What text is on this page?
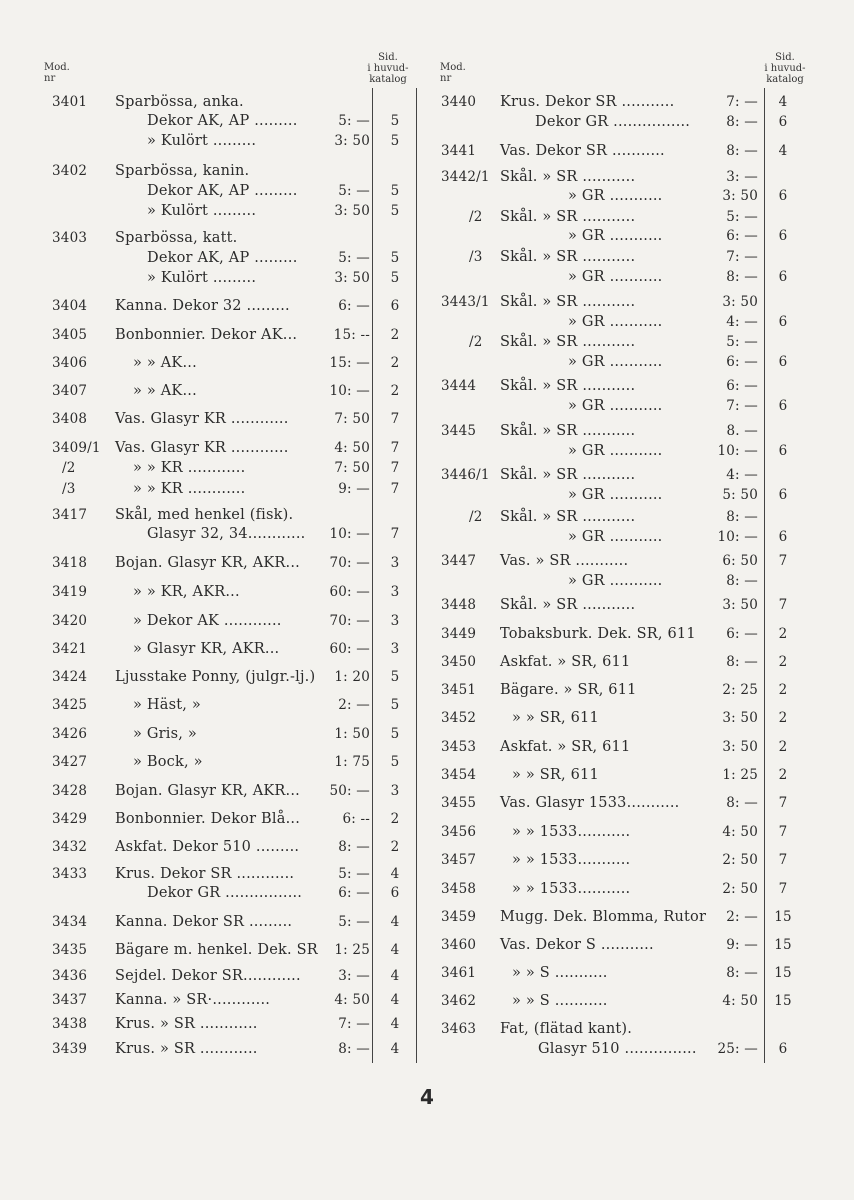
Mod.
nr
Sid.
i huvud-
katalog
Mod.
nr
Sid.
i huvud-
katalog
3401 Sparbössa, anka.
Dekor AK, AP .........	5: —	5
» Kulört .........	3: 50	5
3402 Sparbössa, kanin.
Dekor AK, AP .........	5: —	5
» Kulört .........	3: 50	5
3403 Sparbössa, katt.
Dekor AK, AP .........	5: —	5
» Kulört .........	3: 50	5
3404 Kanna. Dekor 32 .........	6: —	6
3405 Bonbonnier. Dekor AK...	15: --	2
3406	» » AK...	15: —	2
3407	» » AK...	10: —	2
3408 Vas. Glasyr KR ............	7: 50	7
3409/1 Vas. Glasyr KR ............	4: 50	7
/2	» » KR ............	7: 50	7
/3	» » KR ............	9: —	7
3417 Skål, med henkel (fisk).
Glasyr 32, 34............	10: —	7
3418 Bojan. Glasyr KR, AKR...	70: —	3
3419	» » KR, AKR...	60: —	3
3420	» Dekor AK ............	70: —	3
3421	» Glasyr KR, AKR...	60: —	3
3424 Ljusstake Ponny, (julgr.-lj.)	1: 20	5
3425	» Häst, »	2: —	5
3426	» Gris, »	1: 50	5
3427	» Bock, »	1: 75	5
3428 Bojan. Glasyr KR, AKR...	50: —	3
3429 Bonbonnier. Dekor Blå...	6: --	2
3432 Askfat. Dekor 510 .........	8: —	2
3433 Krus. Dekor SR ............	5: —	4
Dekor GR ................	6: —	6
3434 Kanna. Dekor SR .........	5: —	4
3435 Bägare m. henkel. Dek. SR	1: 25	4
3436 Sejdel. Dekor SR............	3: —	4
3437 Kanna. » SR·............	4: 50	4
3438 Krus. » SR ............	7: —	4
3439 Krus. » SR ............	8: —	4
3440 Krus. Dekor SR ...........	7: —	4
Dekor GR ................	8: —	6
3441 Vas. Dekor SR ...........	8: —	4
3442/1 Skål. » SR ...........	3: —
» GR ...........	3: 50	6
/2 Skål. » SR ...........	5: —
» GR ...........	6: —	6
/3 Skål. » SR ...........	7: —
» GR ...........	8: —	6
3443/1 Skål. » SR ...........	3: 50
» GR ...........	4: —	6
/2 Skål. » SR ...........	5: —
» GR ...........	6: —	6
3444 Skål. » SR ...........	6: —
» GR ...........	7: —	6
3445 Skål. » SR ...........	8. —
» GR ...........	10: —	6
3446/1 Skål. » SR ...........	4: —
» GR ...........	5: 50	6
/2 Skål. » SR ...........	8: —
» GR ...........	10: —	6
3447 Vas. » SR ...........	6: 50	7
» GR ...........	8: —
3448 Skål. » SR ...........	3: 50	7
3449 Tobaksburk. Dek. SR, 611	6: —	2
3450 Askfat. » SR, 611	8: —	2
3451 Bägare. » SR, 611	2: 25	2
3452 » » SR, 611	3: 50	2
3453 Askfat. » SR, 611	3: 50	2
3454 » » SR, 611	1: 25	2
3455 Vas. Glasyr 1533...........	8: —	7
3456 » » 1533...........	4: 50	7
3457 » » 1533...........	2: 50	7
3458 » » 1533...........	2: 50	7
3459 Mugg. Dek. Blomma, Rutor	2: —	15
3460 Vas. Dekor S ...........	9: —	15
3461 » » S ...........	8: —	15
3462 » » S ...........	4: 50	15
3463 Fat, (flätad kant).
Glasyr 510 ...............	25: —	6
4
